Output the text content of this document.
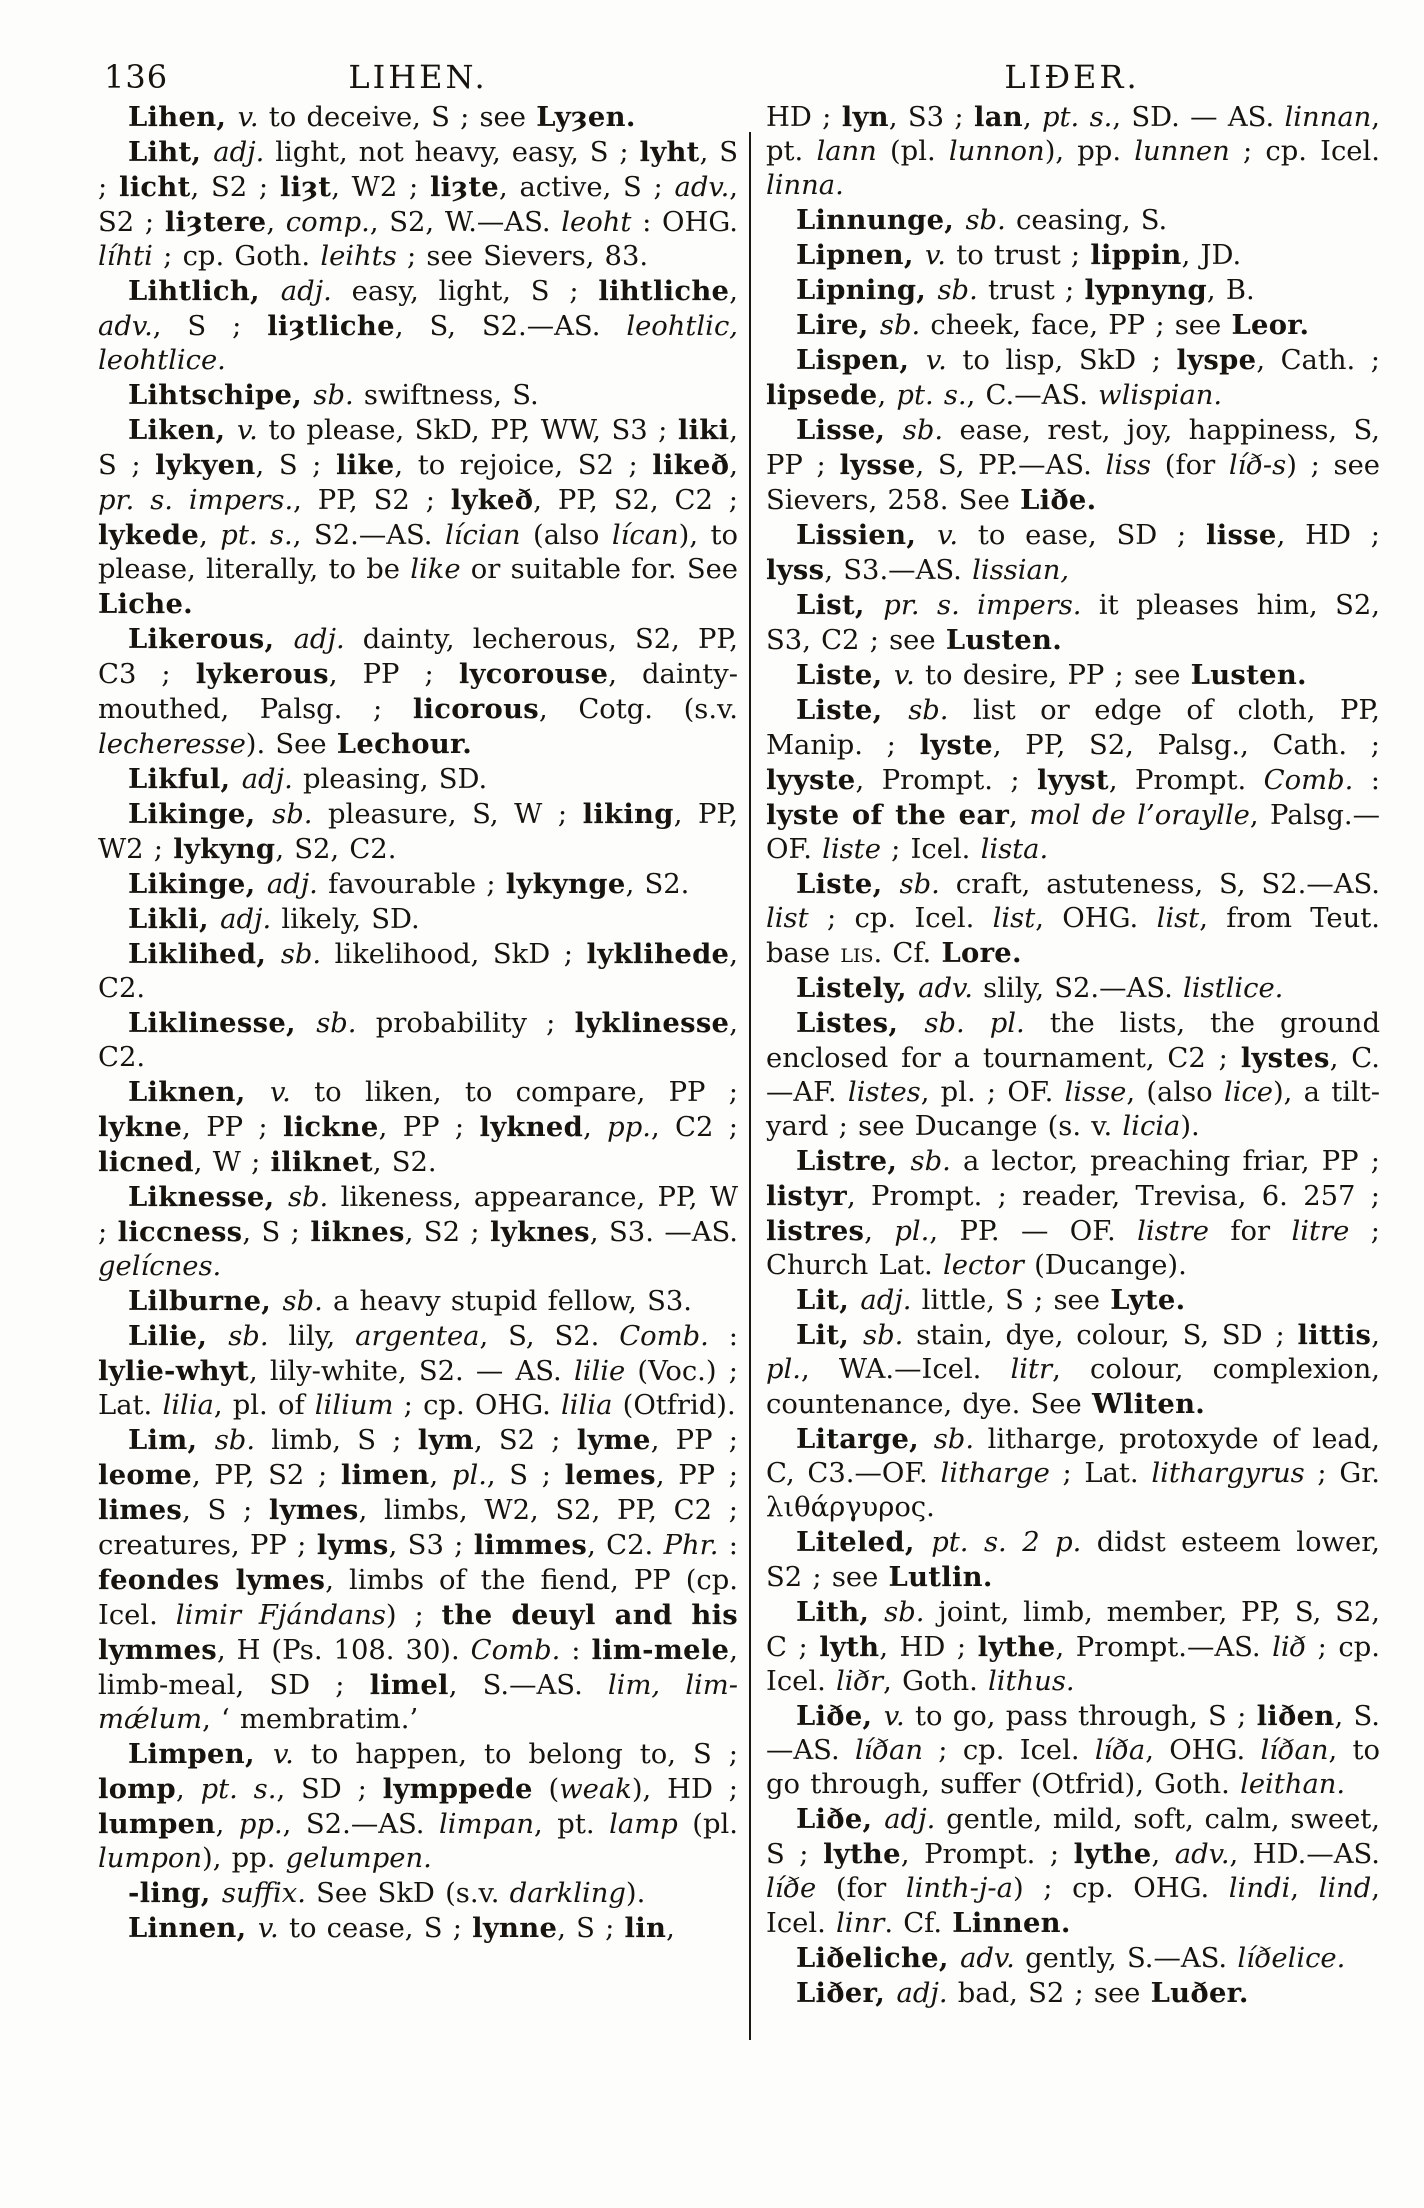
136	LIHEN.	LIÐER.

Lihen, v. to deceive, S ; see Lyȝen.

Liht, adj. light, not heavy, easy, S ; lyht, S ; licht, S2 ; liȝt, W2 ; liȝte, active, S ; adv., S2 ; liȝtere, comp., S2, W.—AS. leoht : OHG. líhti ; cp. Goth. leihts ; see Sievers, 83.

Lihtlich, adj. easy, light, S ; lihtliche, adv., S ; liȝtliche, S, S2.—AS. leohtlic, leohtlice.

Lihtschipe, sb. swiftness, S.

Liken, v. to please, SkD, PP, WW, S3 ; liki, S ; lykyen, S ; like, to rejoice, S2 ; likeð, pr. s. impers., PP, S2 ; lykeð, PP, S2, C2 ; lykede, pt. s., S2.—AS. lícian (also lícan), to please, literally, to be like or suitable for. See Liche.

Likerous, adj. dainty, lecherous, S2, PP, C3 ; lykerous, PP ; lycorouse, dainty-mouthed, Palsg. ; licorous, Cotg. (s.v. lecheresse). See Lechour.

Likful, adj. pleasing, SD.

Likinge, sb. pleasure, S, W ; liking, PP, W2 ; lykyng, S2, C2.

Likinge, adj. favourable ; lykynge, S2.

Likli, adj. likely, SD.

Liklihed, sb. likelihood, SkD ; lyklihede, C2.

Liklinesse, sb. probability ; lyklinesse, C2.

Liknen, v. to liken, to compare, PP ; lykne, PP ; lickne, PP ; lykned, pp., C2 ; licned, W ; iliknet, S2.

Liknesse, sb. likeness, appearance, PP, W ; liccness, S ; liknes, S2 ; lyknes, S3. —AS. gelícnes.

Lilburne, sb. a heavy stupid fellow, S3.

Lilie, sb. lily, argentea, S, S2. Comb. : lylie-whyt, lily-white, S2. — AS. lilie (Voc.) ; Lat. lilia, pl. of lilium ; cp. OHG. lilia (Otfrid).

Lim, sb. limb, S ; lym, S2 ; lyme, PP ; leome, PP, S2 ; limen, pl., S ; lemes, PP ; limes, S ; lymes, limbs, W2, S2, PP, C2 ; creatures, PP ; lyms, S3 ; limmes, C2. Phr. : feondes lymes, limbs of the fiend, PP (cp. Icel. limir Fjándans) ; the deuyl and his lymmes, H (Ps. 108. 30). Comb. : lim-mele, limb-meal, SD ; limel, S.—AS. lim, lim-mǽlum, ‘ membratim.’

Limpen, v. to happen, to belong to, S ; lomp, pt. s., SD ; lymppede (weak), HD ; lumpen, pp., S2.—AS. limpan, pt. lamp (pl. lumpon), pp. gelumpen.

-ling, suffix. See SkD (s.v. darkling).

Linnen, v. to cease, S ; lynne, S ; lin,

HD ; lyn, S3 ; lan, pt. s., SD. — AS. linnan, pt. lann (pl. lunnon), pp. lunnen ; cp. Icel. linna.

Linnunge, sb. ceasing, S.

Lipnen, v. to trust ; lippin, JD.

Lipning, sb. trust ; lypnyng, B.

Lire, sb. cheek, face, PP ; see Leor.

Lispen, v. to lisp, SkD ; lyspe, Cath. ; lipsede, pt. s., C.—AS. wlispian.

Lisse, sb. ease, rest, joy, happiness, S, PP ; lysse, S, PP.—AS. liss (for líð-s) ; see Sievers, 258. See Liðe.

Lissien, v. to ease, SD ; lisse, HD ; lyss, S3.—AS. lissian,

List, pr. s. impers. it pleases him, S2, S3, C2 ; see Lusten.

Liste, v. to desire, PP ; see Lusten.

Liste, sb. list or edge of cloth, PP, Manip. ; lyste, PP, S2, Palsg., Cath. ; lyyste, Prompt. ; lyyst, Prompt. Comb. : lyste of the ear, mol de l’oraylle, Palsg.— OF. liste ; Icel. lista.

Liste, sb. craft, astuteness, S, S2.—AS. list ; cp. Icel. list, OHG. list, from Teut. base lis. Cf. Lore.

Listely, adv. slily, S2.—AS. listlice.

Listes, sb. pl. the lists, the ground enclosed for a tournament, C2 ; lystes, C. —AF. listes, pl. ; OF. lisse, (also lice), a tilt-yard ; see Ducange (s. v. licia).

Listre, sb. a lector, preaching friar, PP ; listyr, Prompt. ; reader, Trevisa, 6. 257 ; listres, pl., PP. — OF. listre for litre ; Church Lat. lector (Ducange).

Lit, adj. little, S ; see Lyte.

Lit, sb. stain, dye, colour, S, SD ; littis, pl., WA.—Icel. litr, colour, complexion, countenance, dye. See Wliten.

Litarge, sb. litharge, protoxyde of lead, C, C3.—OF. litharge ; Lat. lithargyrus ; Gr. λιθάργυρος.

Liteled, pt. s. 2 p. didst esteem lower, S2 ; see Lutlin.

Lith, sb. joint, limb, member, PP, S, S2, C ; lyth, HD ; lythe, Prompt.—AS. lið ; cp. Icel. liðr, Goth. lithus.

Liðe, v. to go, pass through, S ; liðen, S.—AS. líðan ; cp. Icel. líða, OHG. líðan, to go through, suffer (Otfrid), Goth. leithan.

Liðe, adj. gentle, mild, soft, calm, sweet, S ; lythe, Prompt. ; lythe, adv., HD.—AS. líðe (for linth-j-a) ; cp. OHG. lindi, lind, Icel. linr. Cf. Linnen.

Liðeliche, adv. gently, S.—AS. líðelice.

Liðer, adj. bad, S2 ; see Luðer.
